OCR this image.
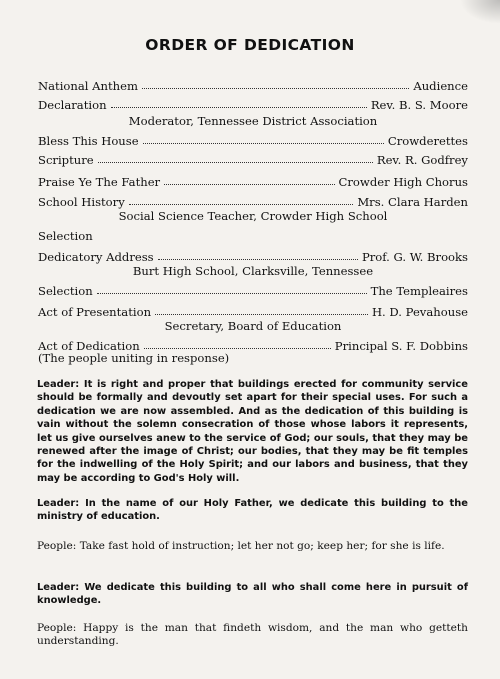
ORDER OF DEDICATION
National Anthem	Audience
Declaration	Rev. B. S. Moore
Moderator, Tennessee District Association
Bless This House	Crowderettes
Scripture	Rev. R. Godfrey
Praise Ye The Father	Crowder High Chorus
School History	Mrs. Clara Harden
Social Science Teacher, Crowder High School
Selection
Dedicatory Address	Prof. G. W. Brooks
Burt High School, Clarksville, Tennessee
Selection	The Templeaires
Act of Presentation	H. D. Pevahouse
Secretary, Board of Education
Act of Dedication	Principal S. F. Dobbins
(The people uniting in response)
Leader: It is right and proper that buildings erected for community service should be formally and devoutly set apart for their special uses. For such a dedication we are now assembled. And as the dedication of this building is vain without the solemn consecration of those whose labors it represents, let us give ourselves anew to the service of God; our souls, that they may be renewed after the image of Christ; our bodies, that they may be fit temples for the indwelling of the Holy Spirit; and our labors and business, that they may be according to God's Holy will.
Leader: In the name of our Holy Father, we dedicate this building to the ministry of education.
People: Take fast hold of instruction; let her not go; keep her; for she is life.
Leader: We dedicate this building to all who shall come here in pursuit of knowledge.
People: Happy is the man that findeth wisdom, and the man who getteth understanding.
